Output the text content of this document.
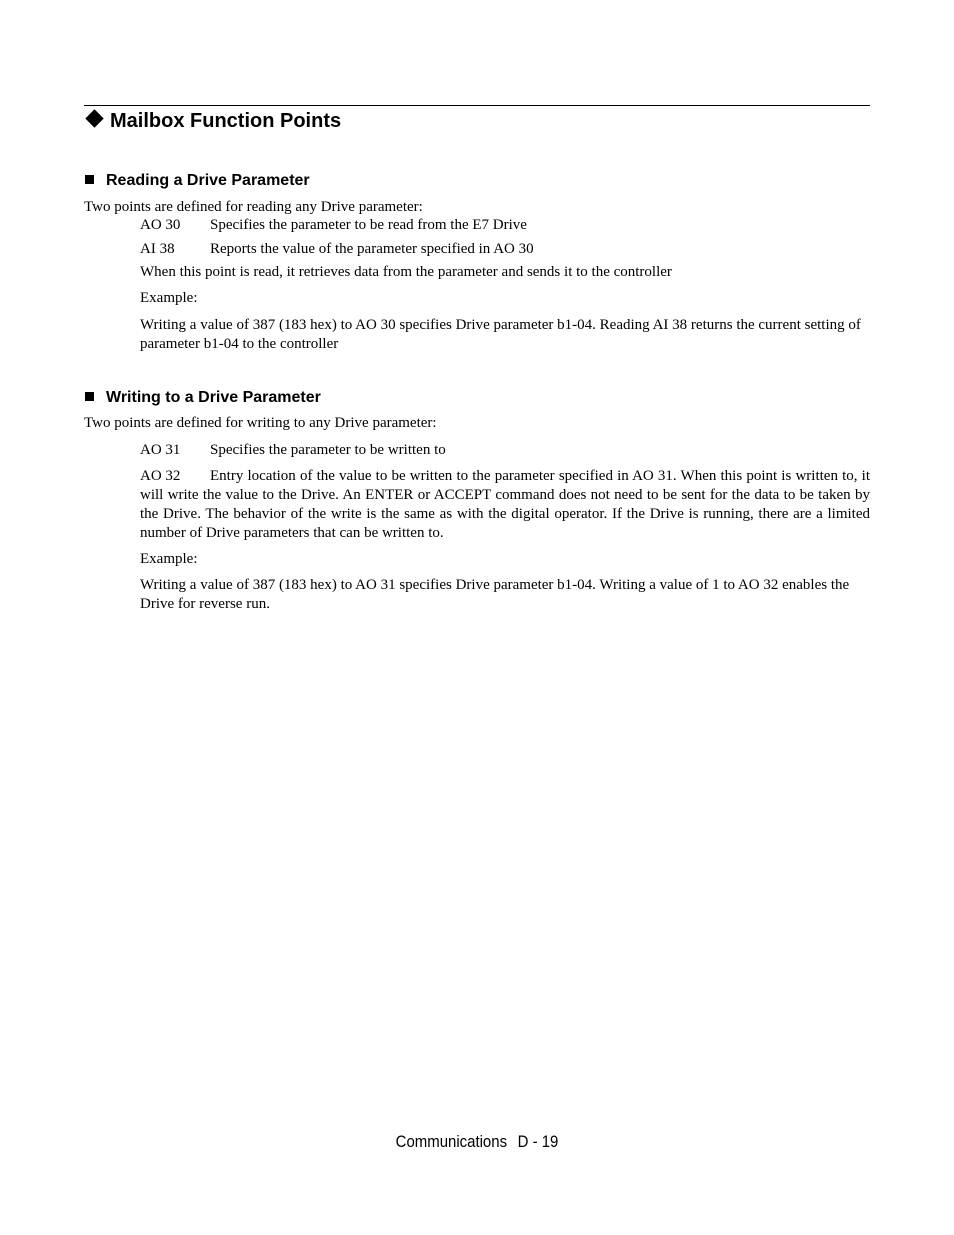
Mailbox Function Points
Reading a Drive Parameter
Two points are defined for reading any Drive parameter:
AO 30 Specifies the parameter to be read from the E7 Drive
AI 38 Reports the value of the parameter specified in AO 30
When this point is read, it retrieves data from the parameter and sends it to the controller
Example:
Writing a value of 387 (183 hex) to AO 30 specifies Drive parameter b1-04. Reading AI 38 returns the current setting of parameter b1-04 to the controller
Writing to a Drive Parameter
Two points are defined for writing to any Drive parameter:
AO 31 Specifies the parameter to be written to
AO 32 Entry location of the value to be written to the parameter specified in AO 31. When this point is written to, it will write the value to the Drive. An ENTER or ACCEPT command does not need to be sent for the data to be taken by the Drive. The behavior of the write is the same as with the digital operator. If the Drive is running, there are a limited number of Drive parameters that can be written to.
Example:
Writing a value of 387 (183 hex) to AO 31 specifies Drive parameter b1-04. Writing a value of 1 to AO 32 enables the Drive for reverse run.
Communications D - 19
